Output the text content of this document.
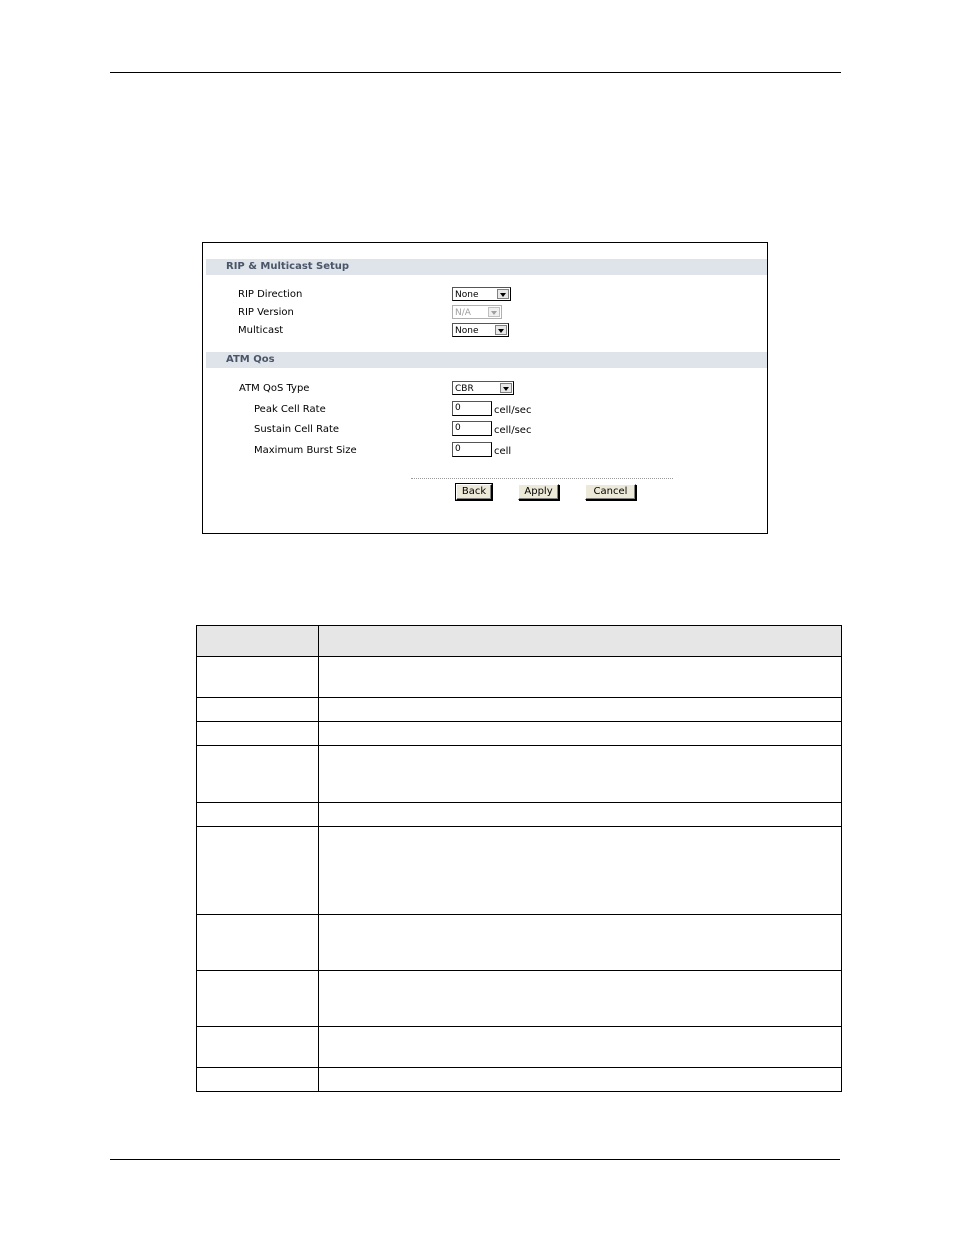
RIP & Multicast Setup
RIP Direction	None
RIP Version	N/A
Multicast	None
ATM Qos
ATM QoS Type	CBR
Peak Cell Rate	0	cell/sec
Sustain Cell Rate	0	cell/sec
Maximum Burst Size	0	cell
Back	Apply	Cancel
